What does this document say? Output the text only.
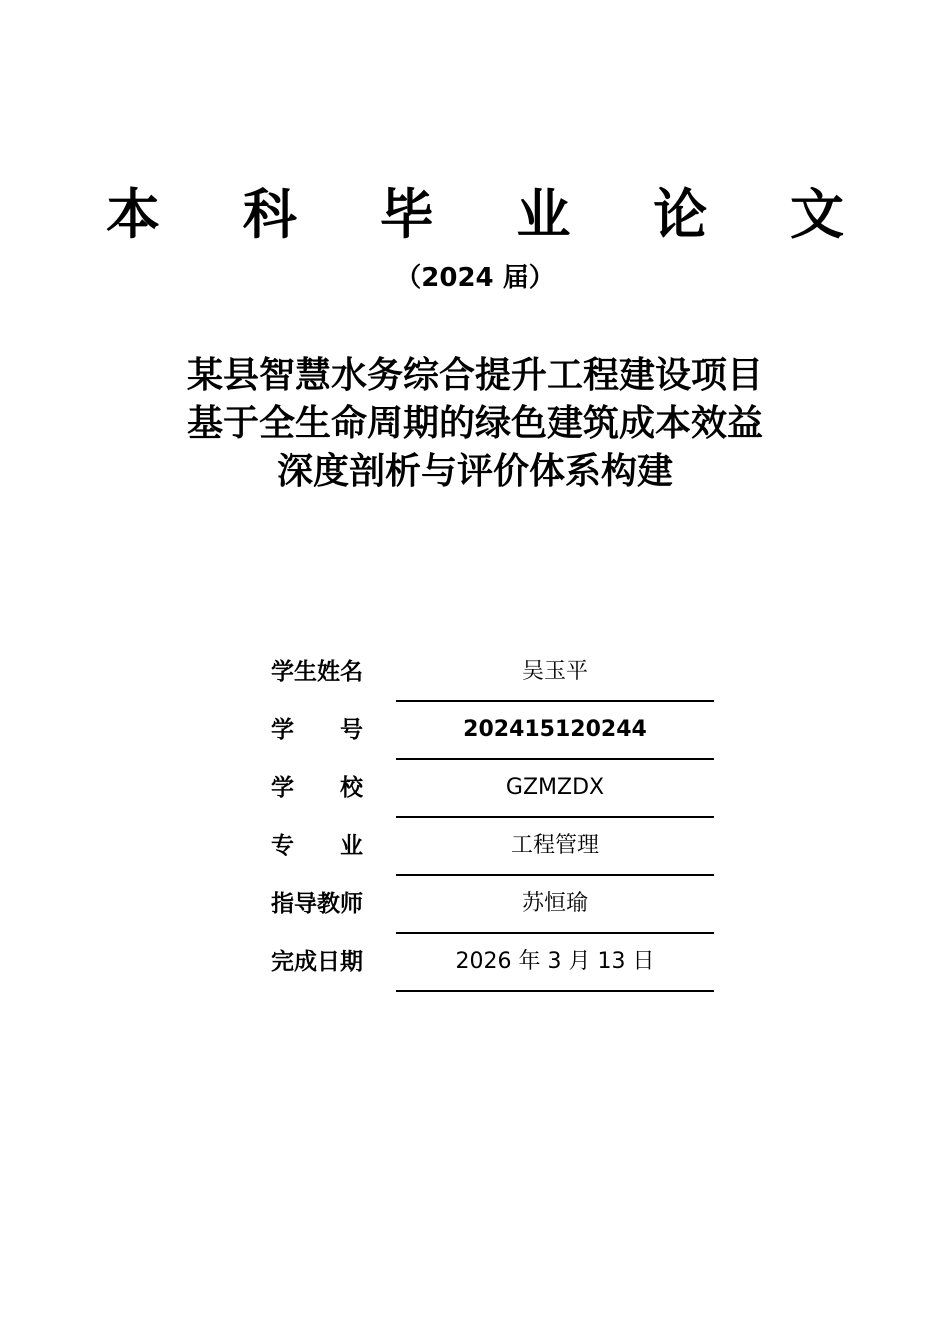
本 科 毕 业 论 文
（2024 届）
某县智慧水务综合提升工程建设项目
基于全生命周期的绿色建筑成本效益
深度剖析与评价体系构建
学生姓名	吴玉平
学　　号	202415120244
学　　校	GZMZDX
专　　业	工程管理
指导教师	苏恒瑜
完成日期	2026 年 3 月 13 日
